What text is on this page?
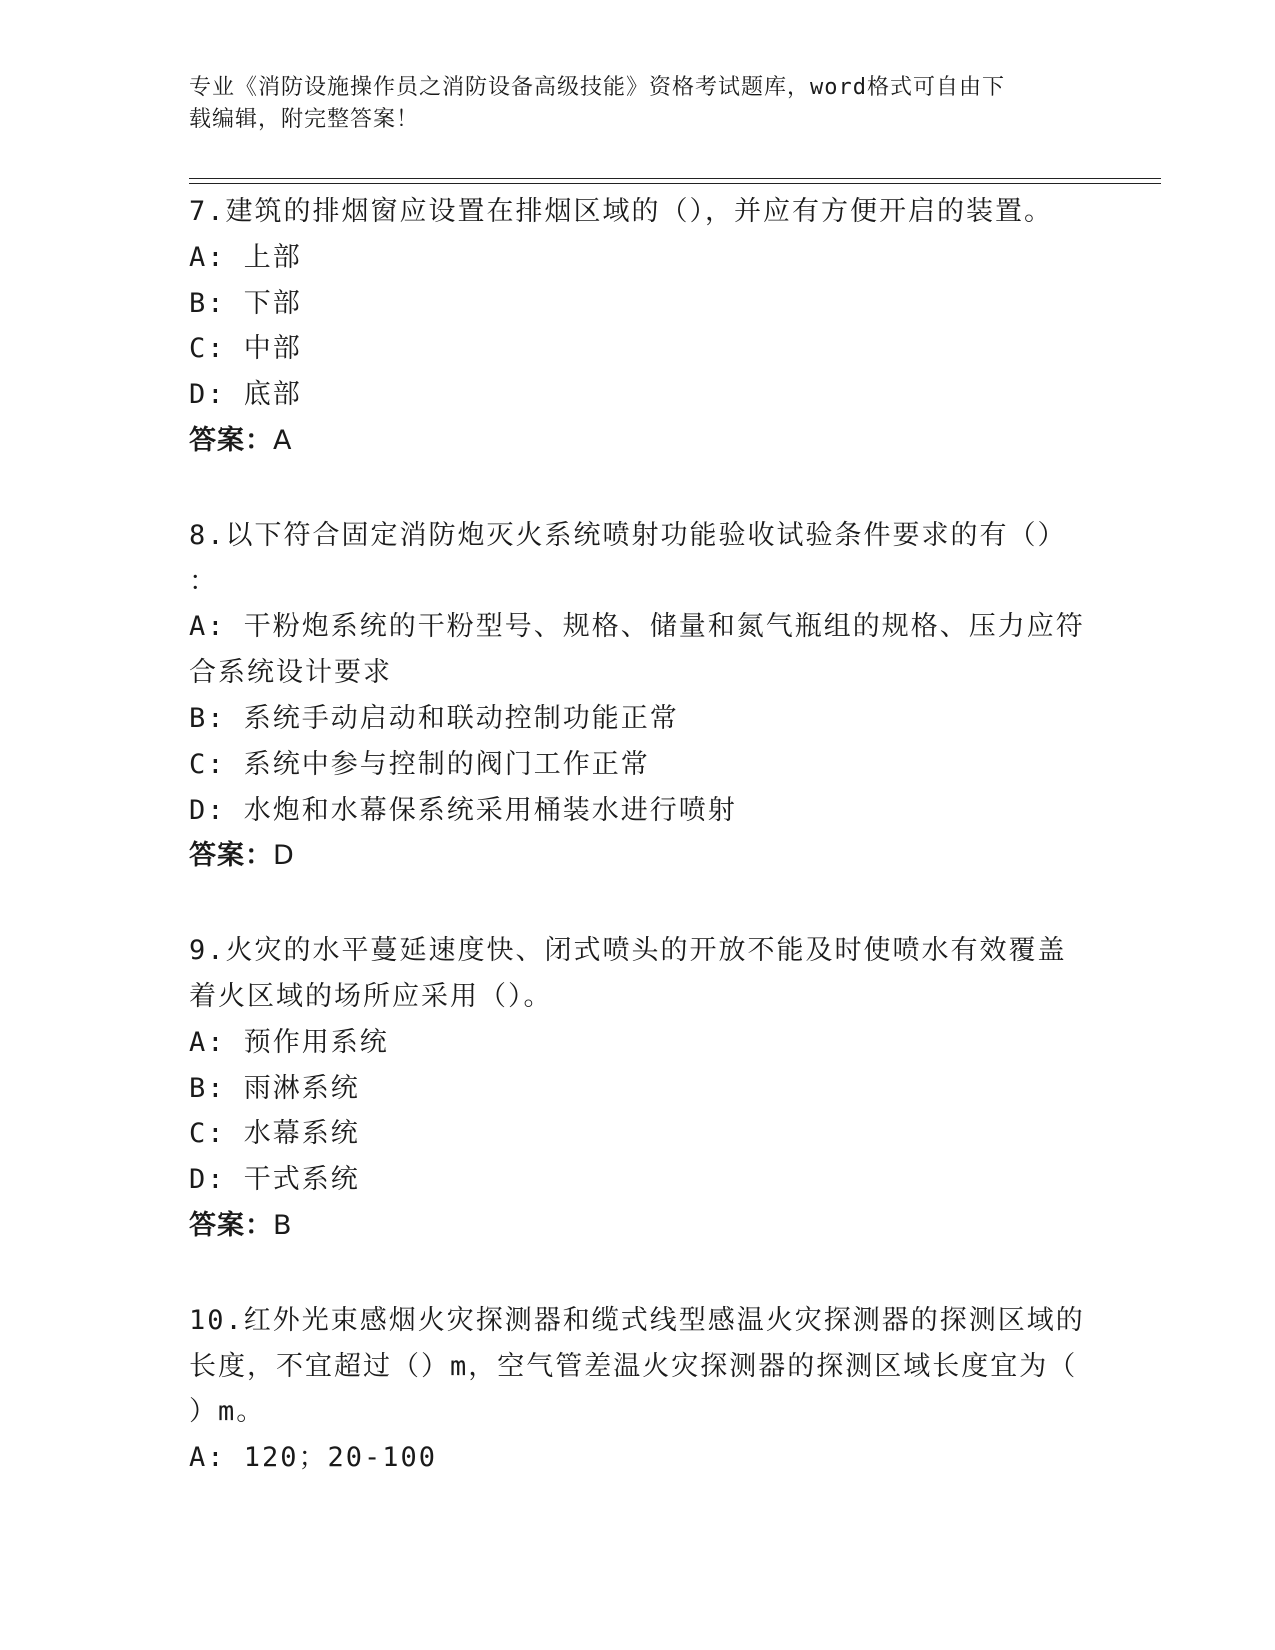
专业《消防设施操作员之消防设备高级技能》资格考试题库，word格式可自由下
载编辑，附完整答案！

7.建筑的排烟窗应设置在排烟区域的（），并应有方便开启的装置。

A: 上部

B: 下部

C: 中部

D: 底部

答案：A

8.以下符合固定消防炮灭火系统喷射功能验收试验条件要求的有（）

：

A: 干粉炮系统的干粉型号、规格、储量和氮气瓶组的规格、压力应符

合系统设计要求

B: 系统手动启动和联动控制功能正常

C: 系统中参与控制的阀门工作正常

D: 水炮和水幕保系统采用桶装水进行喷射

答案：D

9.火灾的水平蔓延速度快、闭式喷头的开放不能及时使喷水有效覆盖

着火区域的场所应采用（）。

A: 预作用系统

B: 雨淋系统

C: 水幕系统

D: 干式系统

答案：B

10.红外光束感烟火灾探测器和缆式线型感温火灾探测器的探测区域的

长度，不宜超过（）m，空气管差温火灾探测器的探测区域长度宜为（

）m。

A: 120；20-100
